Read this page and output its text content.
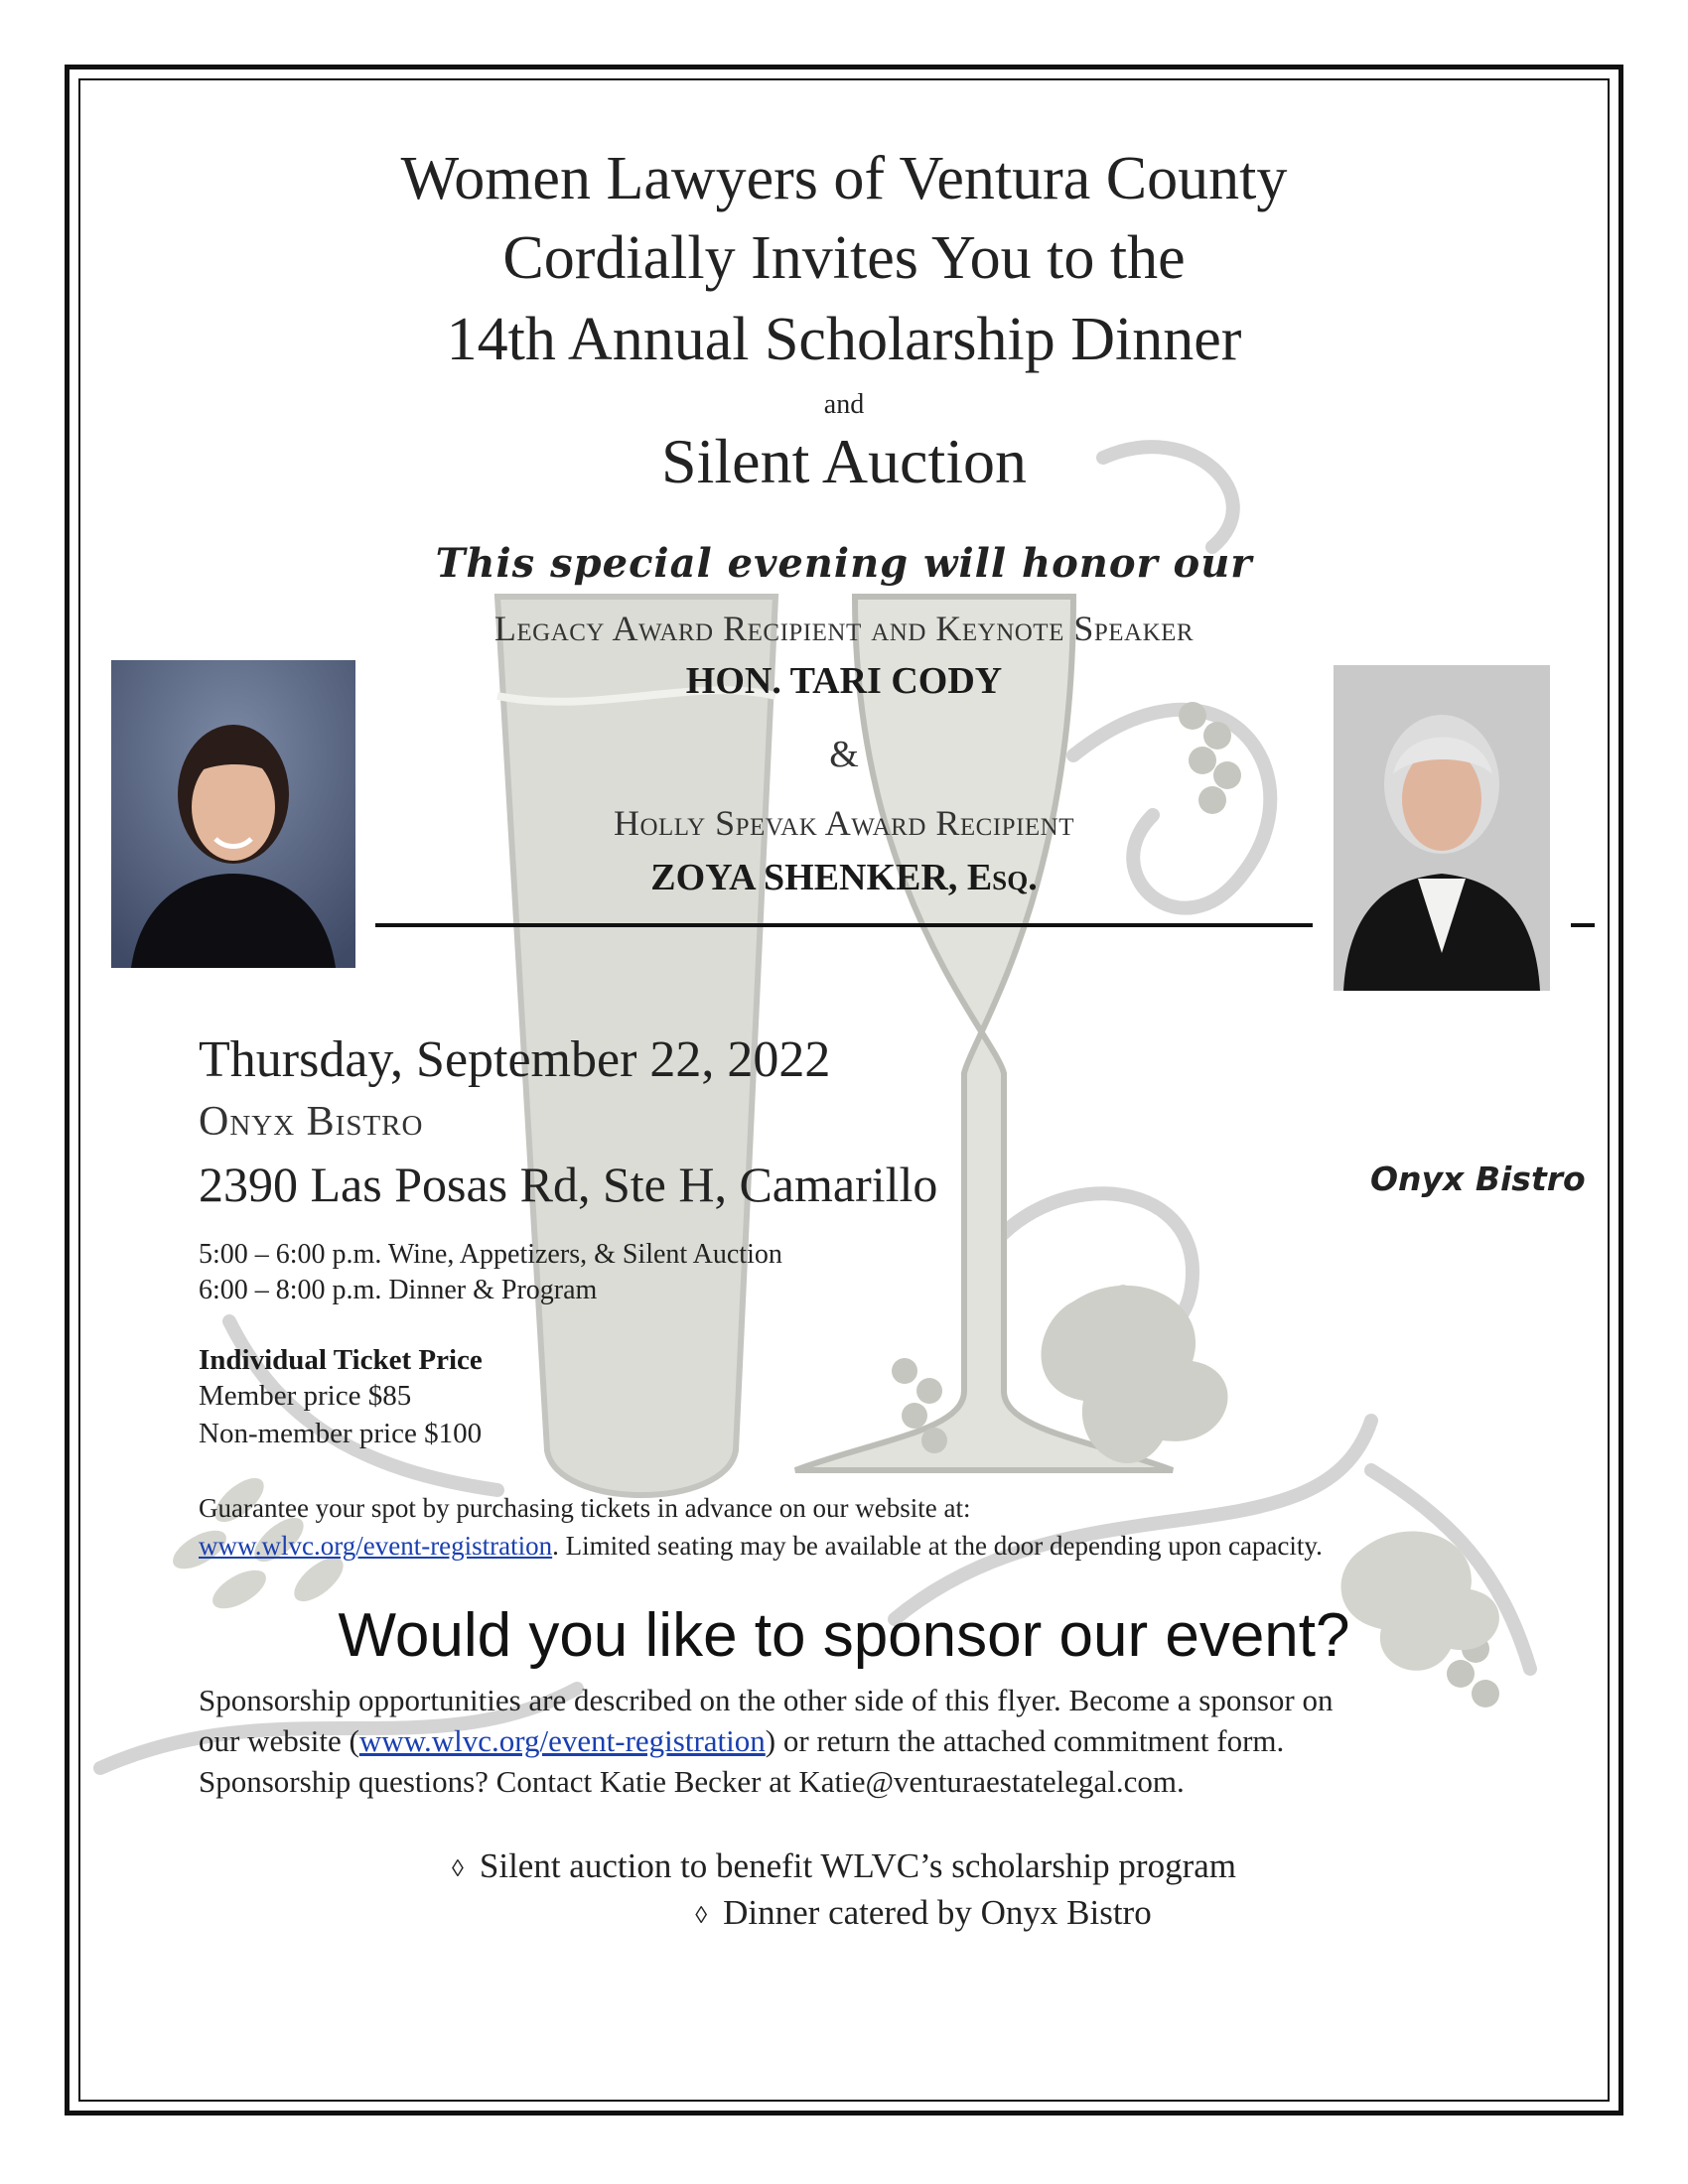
Women Lawyers of Ventura County
Cordially Invites You to the
14th Annual Scholarship Dinner
and
Silent Auction
This special evening will honor our
Legacy Award Recipient and Keynote Speaker
HON. TARI CODY
&
Holly Spevak Award Recipient
ZOYA SHENKER, Esq.
Thursday, September 22, 2022
Onyx Bistro
2390 Las Posas Rd, Ste H, Camarillo
5:00 – 6:00 p.m. Wine, Appetizers, & Silent Auction
6:00 – 8:00 p.m. Dinner & Program
Individual Ticket Price
Member price $85
Non-member price $100
Guarantee your spot by purchasing tickets in advance on our website at:
www.wlvc.org/event-registration. Limited seating may be available at the door depending upon capacity.
Onyx Bistro
Would you like to sponsor our event?
Sponsorship opportunities are described on the other side of this flyer. Become a sponsor on
our website (www.wlvc.org/event-registration) or return the attached commitment form.
Sponsorship questions? Contact Katie Becker at Katie@venturaestatelegal.com.
◊ Silent auction to benefit WLVC’s scholarship program
◊ Dinner catered by Onyx Bistro
